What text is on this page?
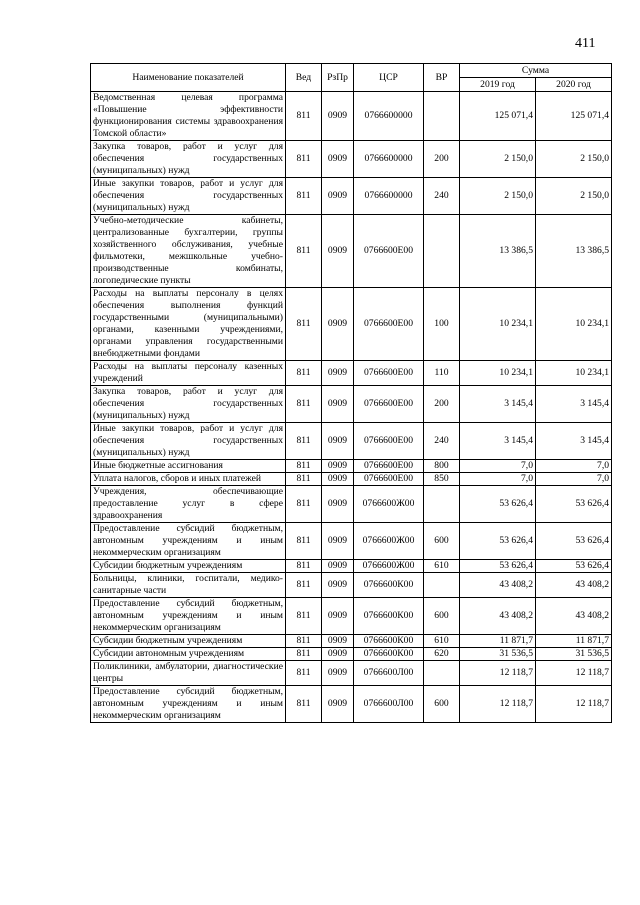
411
Наименование показателей	Вед	РзПр	ЦСР	ВР	Сумма	
					2019 год	2020 год
Ведомственная целевая программа «Повышение эффективности функционирования системы здравоохранения Томской области»	811	0909	0766600000		125 071,4	125 071,4
Закупка товаров, работ и услуг для обеспечения государственных (муниципальных) нужд	811	0909	0766600000	200	2 150,0	2 150,0
Иные закупки товаров, работ и услуг для обеспечения государственных (муниципальных) нужд	811	0909	0766600000	240	2 150,0	2 150,0
Учебно-методические кабинеты, централизованные бухгалтерии, группы хозяйственного обслуживания, учебные фильмотеки, межшкольные учебно-производственные комбинаты, логопедические пункты	811	0909	0766600Е00		13 386,5	13 386,5
Расходы на выплаты персоналу в целях обеспечения выполнения функций государственными (муниципальными) органами, казенными учреждениями, органами управления государственными внебюджетными фондами	811	0909	0766600Е00	100	10 234,1	10 234,1
Расходы на выплаты персоналу казенных учреждений	811	0909	0766600Е00	110	10 234,1	10 234,1
Закупка товаров, работ и услуг для обеспечения государственных (муниципальных) нужд	811	0909	0766600Е00	200	3 145,4	3 145,4
Иные закупки товаров, работ и услуг для обеспечения государственных (муниципальных) нужд	811	0909	0766600Е00	240	3 145,4	3 145,4
Иные бюджетные ассигнования	811	0909	0766600Е00	800	7,0	7,0
Уплата налогов, сборов и иных платежей	811	0909	0766600Е00	850	7,0	7,0
Учреждения, обеспечивающие предоставление услуг в сфере здравоохранения	811	0909	0766600Ж00		53 626,4	53 626,4
Предоставление субсидий бюджетным, автономным учреждениям и иным некоммерческим организациям	811	0909	0766600Ж00	600	53 626,4	53 626,4
Субсидии бюджетным учреждениям	811	0909	0766600Ж00	610	53 626,4	53 626,4
Больницы, клиники, госпитали, медико-санитарные части	811	0909	0766600К00		43 408,2	43 408,2
Предоставление субсидий бюджетным, автономным учреждениям и иным некоммерческим организациям	811	0909	0766600К00	600	43 408,2	43 408,2
Субсидии бюджетным учреждениям	811	0909	0766600К00	610	11 871,7	11 871,7
Субсидии автономным учреждениям	811	0909	0766600К00	620	31 536,5	31 536,5
Поликлиники, амбулатории, диагностические центры	811	0909	0766600Л00		12 118,7	12 118,7
Предоставление субсидий бюджетным, автономным учреждениям и иным некоммерческим организациям	811	0909	0766600Л00	600	12 118,7	12 118,7
